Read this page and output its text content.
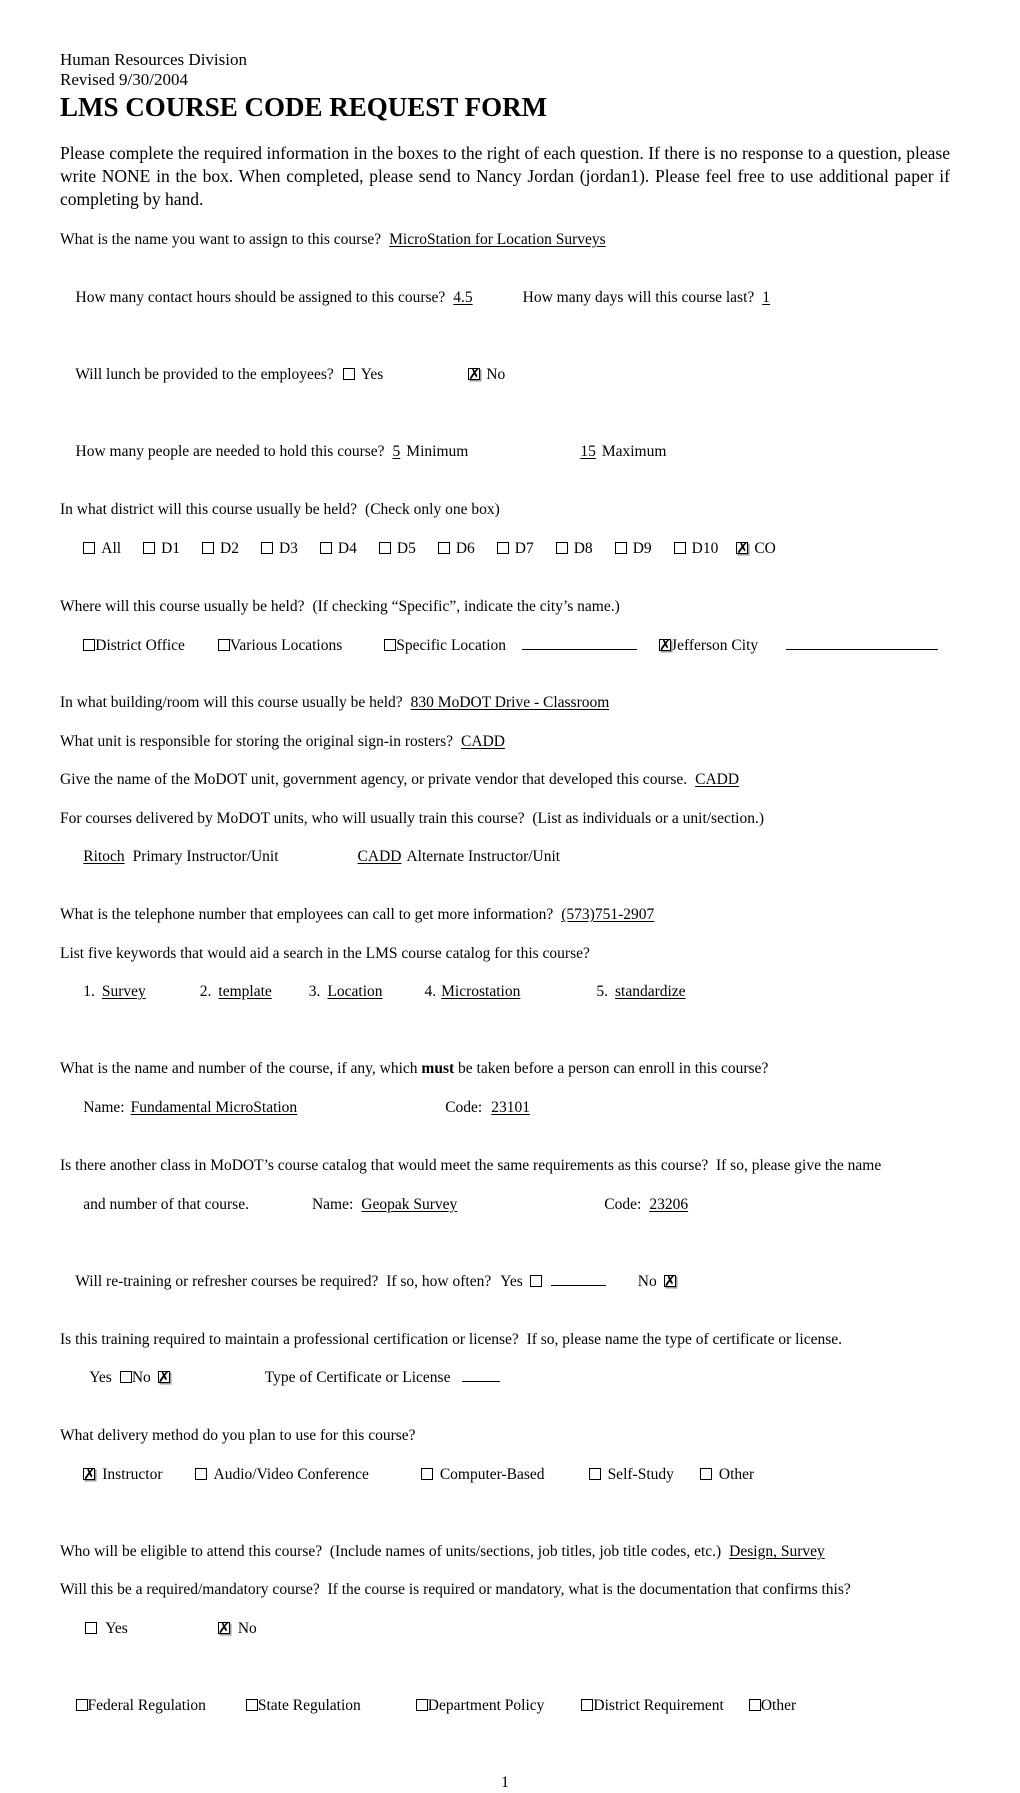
Human Resources Division
Revised 9/30/2004
LMS COURSE CODE REQUEST FORM

Please complete the required information in the boxes to the right of each question. If there is no response to a question, please write NONE in the box. When completed, please send to Nancy Jordan (jordan1). Please feel free to use additional paper if completing by hand.

What is the name you want to assign to this course? MicroStation for Location Surveys

How many contact hours should be assigned to this course? 4.5	How many days will this course last? 1

Will lunch be provided to the employees? Yes ✗	No

How many people are needed to hold this course? 5 Minimum	15 Maximum

In what district will this course usually be held? (Check only one box)

All	D1	D2	D3	D4	D5	D6	D7	D8	D9	D10 ✗ CO

Where will this course usually be held? (If checking “Specific”, indicate the city’s name.)

District Office	Various Locations	Specific Location ✗	Jefferson City

In what building/room will this course usually be held? 830 MoDOT Drive - Classroom
What unit is responsible for storing the original sign-in rosters? CADD
Give the name of the MoDOT unit, government agency, or private vendor that developed this course. CADD
For courses delivered by MoDOT units, who will usually train this course?  (List as individuals or a unit/section.)

Ritoch Primary Instructor/Unit	CADD Alternate Instructor/Unit

What is the telephone number that employees can call to get more information? (573)751-2907
List five keywords that would aid a search in the LMS course catalog for this course?

1. Survey	2. template 3. Location	4. Microstation	5. standardize

What is the name and number of the course, if any, which must be taken before a person can enroll in this course?

Name: Fundamental MicroStation	Code: 23101

Is there another class in MoDOT’s course catalog that would meet the same requirements as this course?  If so, please give the name

and number of that course.	Name: Geopak Survey	Code: 23206

Will re-training or refresher courses be required?  If so, how often? Yes	No✗

Is this training required to maintain a professional certification or license?  If so, please name the type of certificate or license.

Yes No ✗	Type of Certificate or License

What delivery method do you plan to use for this course?

✗ Instructor	Audio/Video Conference	Computer-Based	Self-Study	Other

Who will be eligible to attend this course?  (Include names of units/sections, job titles, job title codes, etc.) Design, Survey
Will this be a required/mandatory course?  If the course is required or mandatory, what is the documentation that confirms this?

Yes ✗	No

Federal Regulation	State Regulation	Department Policy	District Requirement Other

1
